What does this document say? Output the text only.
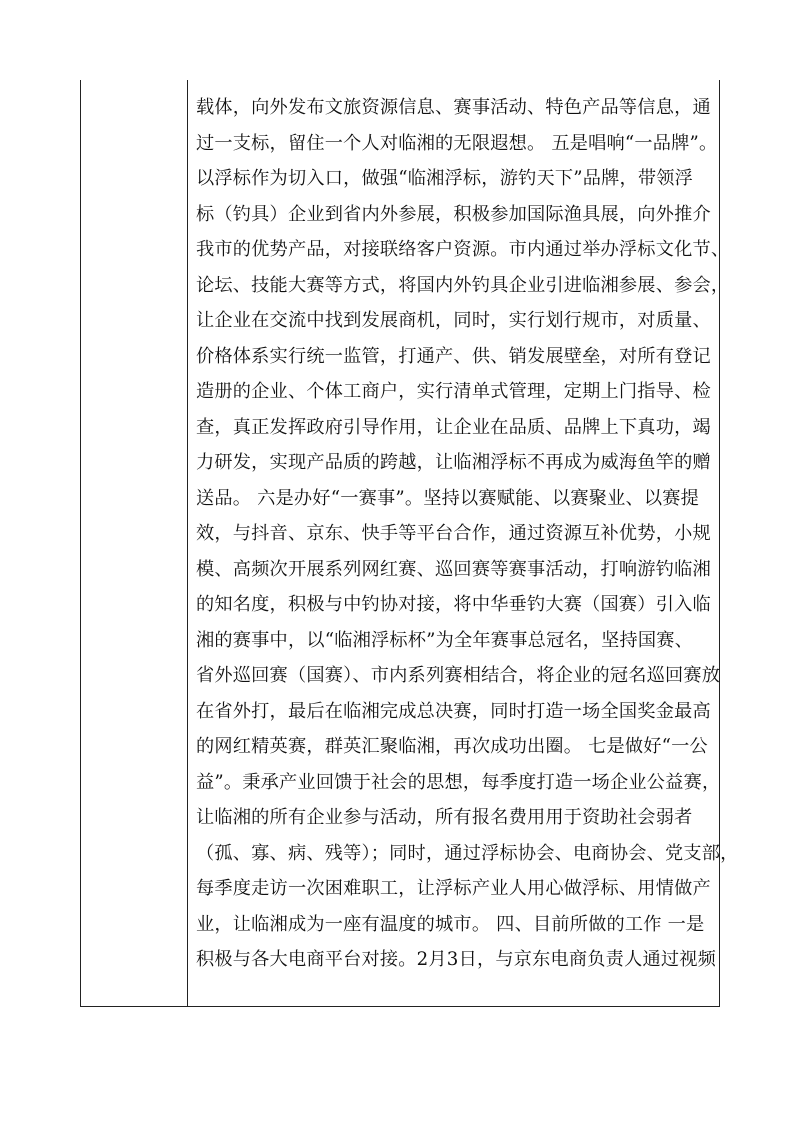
载体，向外发布文旅资源信息、赛事活动、特色产品等信息，通
过一支标，留住一个人对临湘的无限遐想。 五是唱响“一品牌”。
以浮标作为切入口，做强“临湘浮标，游钓天下”品牌，带领浮
标（钓具）企业到省内外参展，积极参加国际渔具展，向外推介
我市的优势产品，对接联络客户资源。市内通过举办浮标文化节、
论坛、技能大赛等方式，将国内外钓具企业引进临湘参展、参会，
让企业在交流中找到发展商机，同时，实行划行规市，对质量、
价格体系实行统一监管，打通产、供、销发展壁垒，对所有登记
造册的企业、个体工商户，实行清单式管理，定期上门指导、检
查，真正发挥政府引导作用，让企业在品质、品牌上下真功，竭
力研发，实现产品质的跨越，让临湘浮标不再成为威海鱼竿的赠
送品。 六是办好“一赛事”。坚持以赛赋能、以赛聚业、以赛提
效，与抖音、京东、快手等平台合作，通过资源互补优势，小规
模、高频次开展系列网红赛、巡回赛等赛事活动，打响游钓临湘
的知名度，积极与中钓协对接，将中华垂钓大赛（国赛）引入临
湘的赛事中，以“临湘浮标杯”为全年赛事总冠名，坚持国赛、
省外巡回赛（国赛）、市内系列赛相结合，将企业的冠名巡回赛放
在省外打，最后在临湘完成总决赛，同时打造一场全国奖金最高
的网红精英赛，群英汇聚临湘，再次成功出圈。 七是做好“一公
益”。秉承产业回馈于社会的思想，每季度打造一场企业公益赛，
让临湘的所有企业参与活动，所有报名费用用于资助社会弱者
（孤、寡、病、残等）；同时，通过浮标协会、电商协会、党支部，
每季度走访一次困难职工，让浮标产业人用心做浮标、用情做产
业，让临湘成为一座有温度的城市。 四、目前所做的工作 一是
积极与各大电商平台对接。2月3日，与京东电商负责人通过视频
